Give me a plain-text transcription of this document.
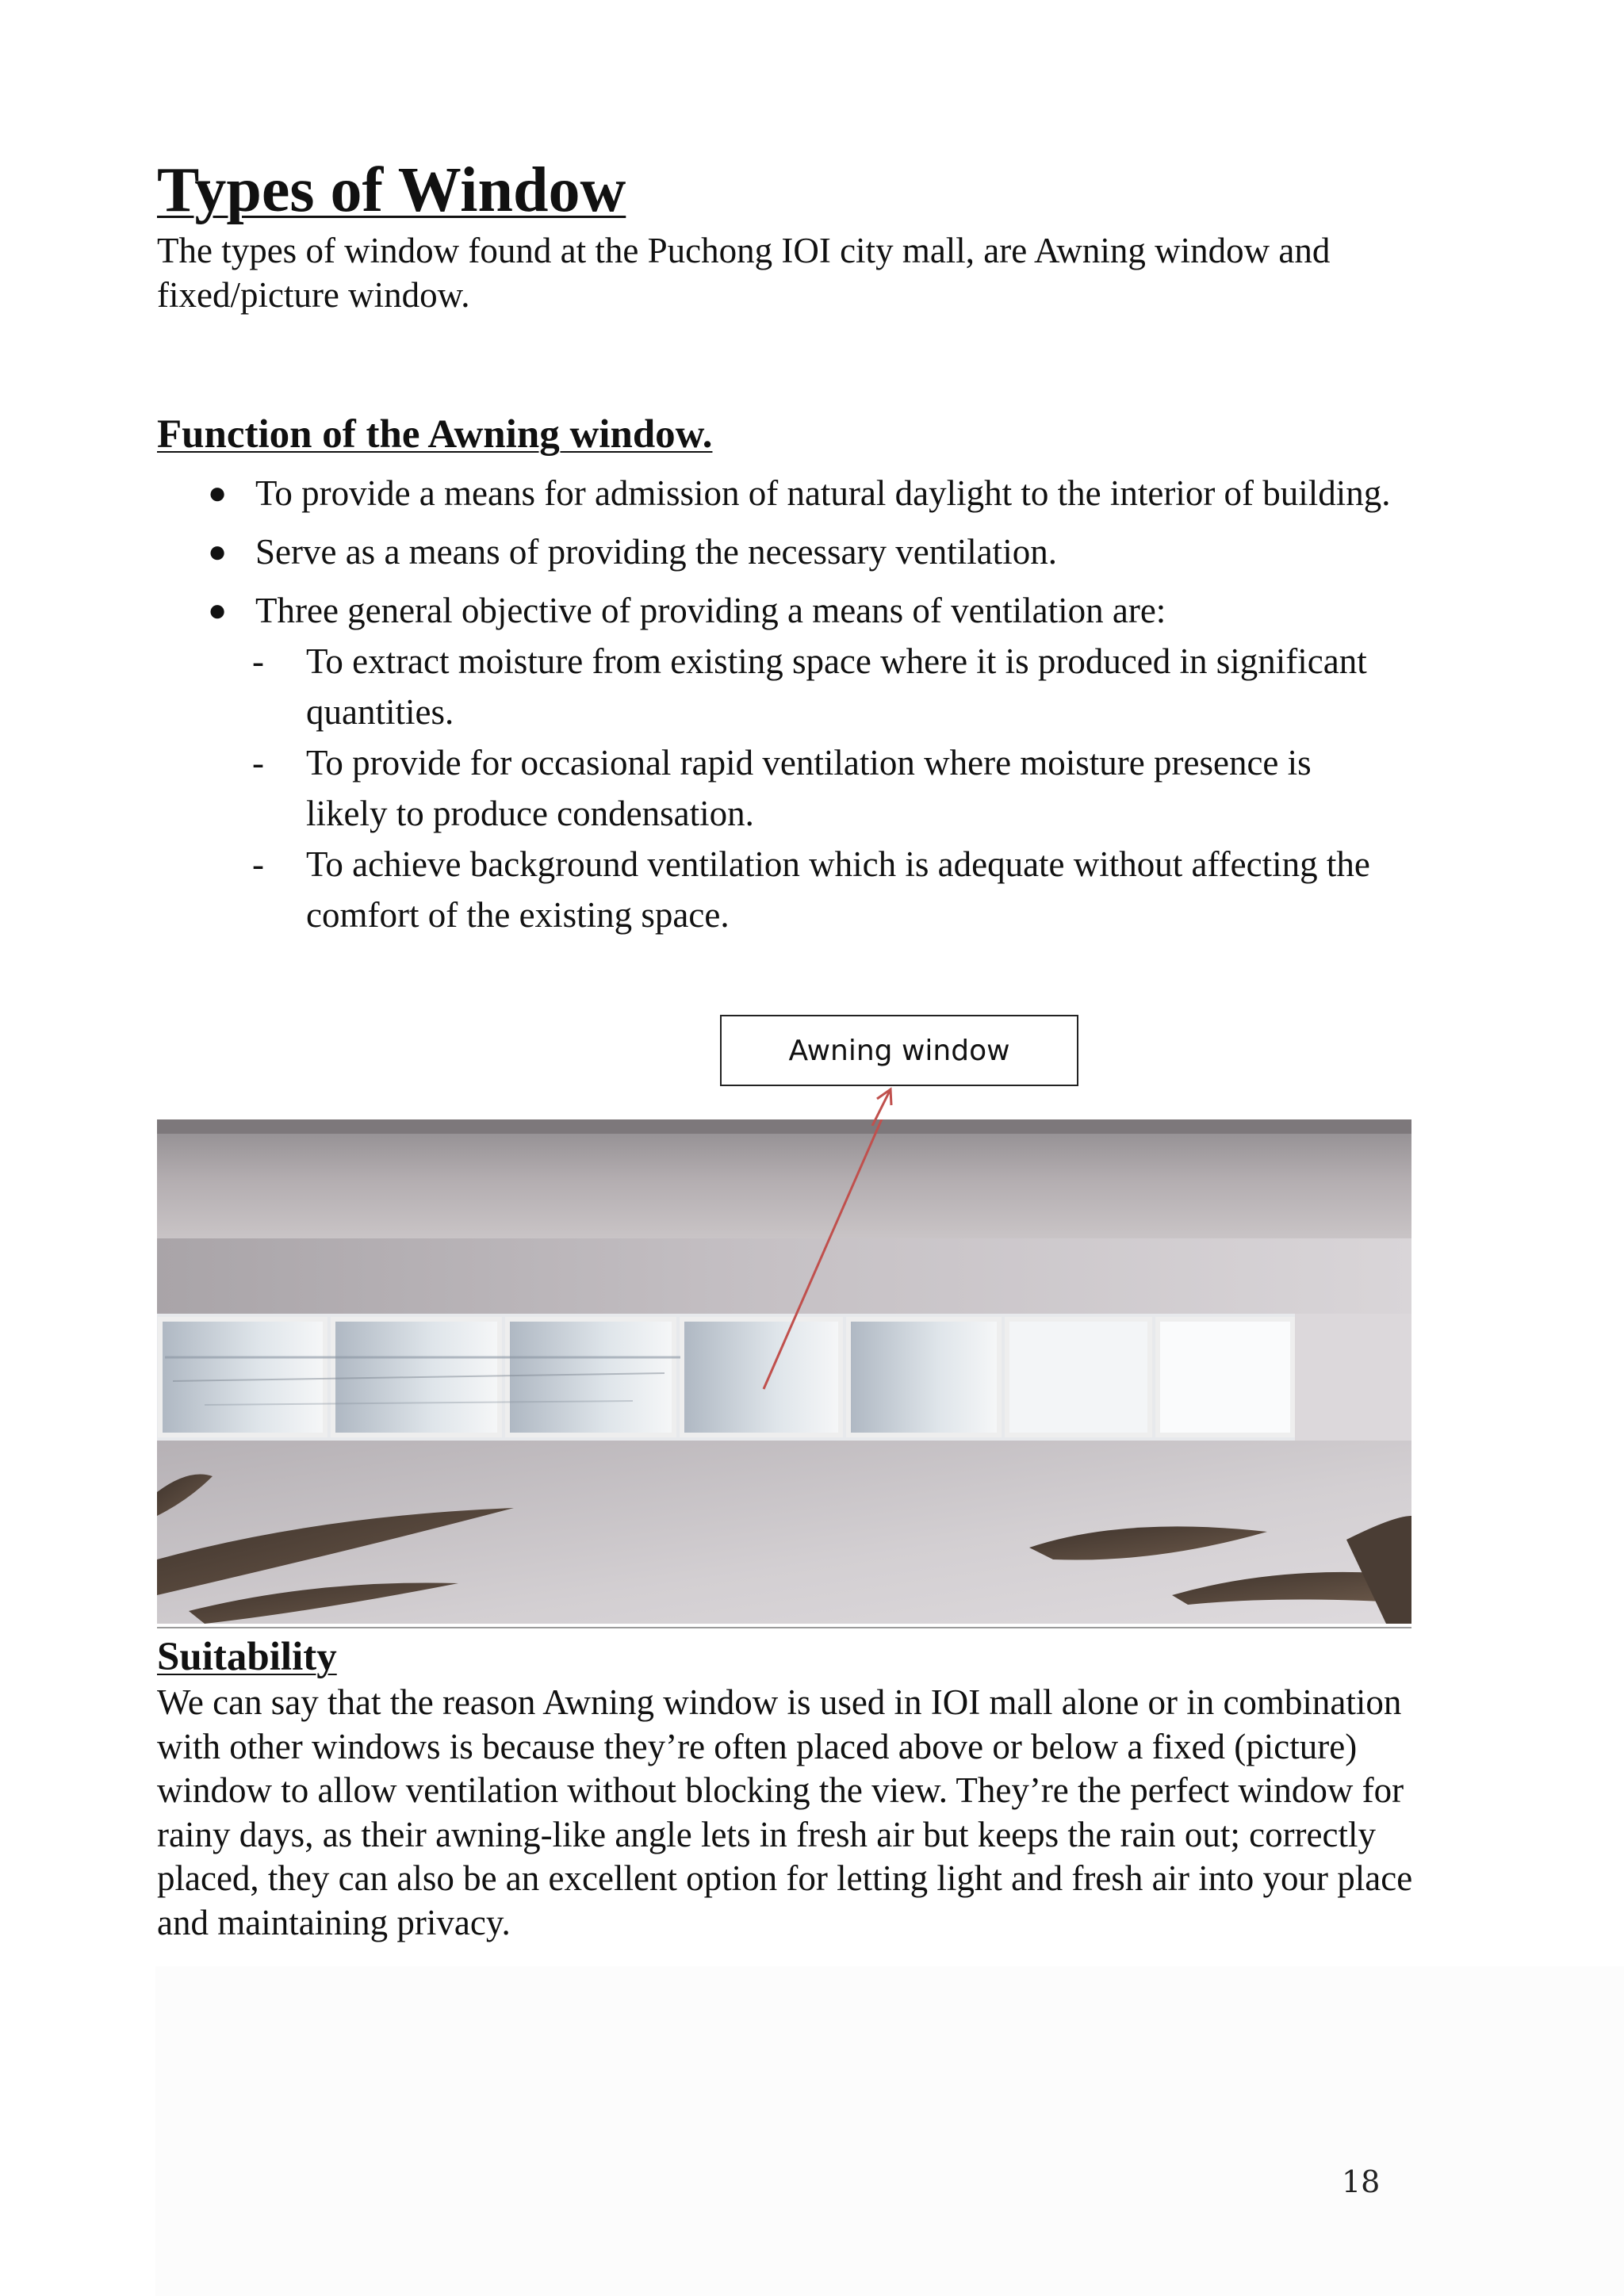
Types of Window

The types of window found at the Puchong IOI city mall, are Awning window and fixed/picture window.

Function of the Awning window.
● To provide a means for admission of natural daylight to the interior of building.
● Serve as a means of providing the necessary ventilation.
● Three general objective of providing a means of ventilation are:
- To extract moisture from existing space where it is produced in significant quantities.
- To provide for occasional rapid ventilation where moisture presence is likely to produce condensation.
- To achieve background ventilation which is adequate without affecting the comfort of the existing space.
Awning window
Suitability

We can say that the reason Awning window is used in IOI mall alone or in combination with other windows is because they’re often placed above or below a fixed (picture) window to allow ventilation without blocking the view. They’re the perfect window for rainy days, as their awning-like angle lets in fresh air but keeps the rain out; correctly placed, they can also be an excellent option for letting light and fresh air into your place and maintaining privacy.

18
